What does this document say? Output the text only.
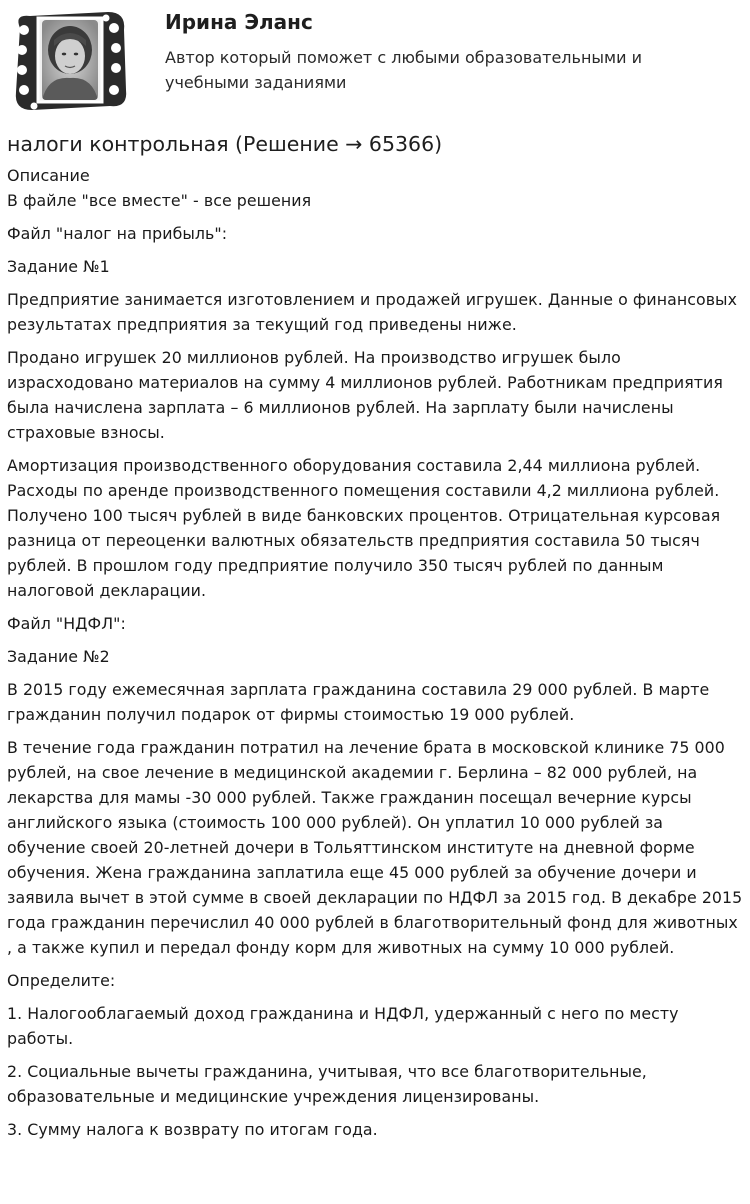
Ирина Эланс
Автор который поможет с любыми образовательными и учебными заданиями
налоги контрольная (Решение → 65366)
Описание

В файле "все вместе" - все решения

Файл "налог на прибыль":

Задание №1

Предприятие занимается изготовлением и продажей игрушек. Данные о финансовых результатах предприятия за текущий год приведены ниже.

Продано игрушек 20 миллионов рублей. На производство игрушек было израсходовано материалов на сумму 4 миллионов рублей. Работникам предприятия была начислена зарплата – 6 миллионов рублей. На зарплату были начислены страховые взносы.

Амортизация производственного оборудования составила 2,44 миллиона рублей. Расходы по аренде производственного помещения составили 4,2 миллиона рублей. Получено 100 тысяч рублей в виде банковских процентов. Отрицательная курсовая разница от переоценки валютных обязательств предприятия составила 50 тысяч рублей. В прошлом году предприятие получило 350 тысяч рублей по данным налоговой декларации.

Файл "НДФЛ":

Задание №2

В 2015 году ежемесячная зарплата гражданина составила 29 000 рублей. В марте гражданин получил подарок от фирмы стоимостью 19 000 рублей.

В течение года гражданин потратил на лечение брата в московской клинике 75 000 рублей, на свое лечение в медицинской академии г. Берлина – 82 000 рублей, на лекарства для мамы -30 000 рублей. Также гражданин посещал вечерние курсы английского языка (стоимость 100 000 рублей). Он уплатил 10 000 рублей за обучение своей 20-летней дочери в Тольяттинском институте на дневной форме обучения. Жена гражданина заплатила еще 45 000 рублей за обучение дочери и заявила вычет в этой сумме в своей декларации по НДФЛ за 2015 год. В декабре 2015 года гражданин перечислил 40 000 рублей в благотворительный фонд для животных , а также купил и передал фонду корм для животных на сумму 10 000 рублей.

Определите:

1. Налогооблагаемый доход гражданина и НДФЛ, удержанный с него по месту работы.

2. Социальные вычеты гражданина, учитывая, что все благотворительные, образовательные и медицинские учреждения лицензированы.

3. Сумму налога к возврату по итогам года.
